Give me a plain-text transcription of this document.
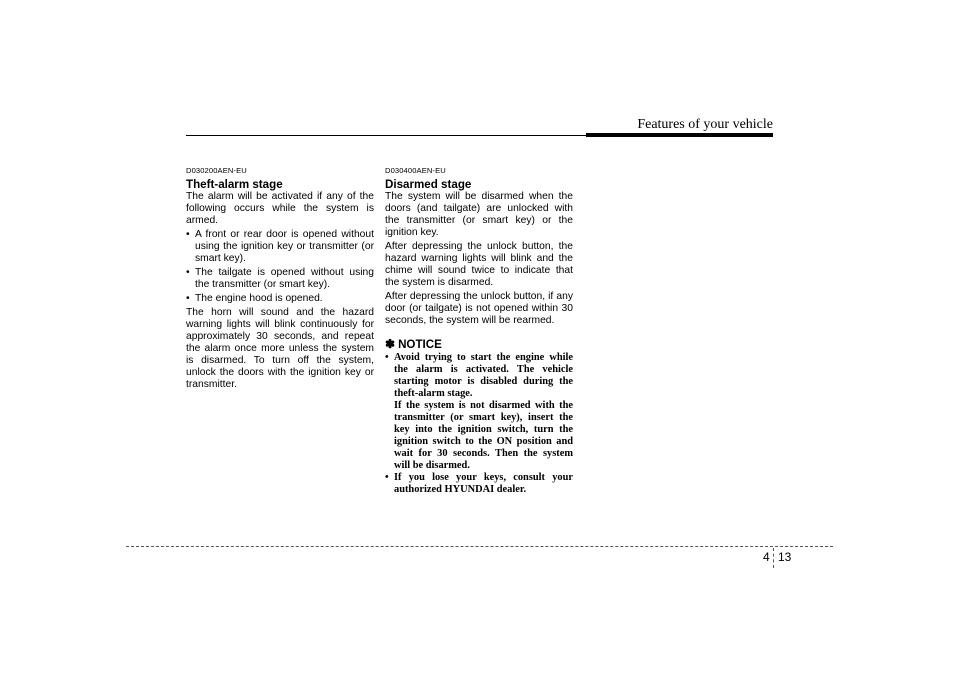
Features of your vehicle
D030200AEN-EU
Theft-alarm stage

The alarm will be activated if any of the following occurs while the system is armed.

• A front or rear door is opened without using the ignition key or transmitter (or smart key).
• The tailgate is opened without using the transmitter (or smart key).
• The engine hood is opened.

The horn will sound and the hazard warning lights will blink continuously for approximately 30 seconds, and repeat the alarm once more unless the system is disarmed. To turn off the system, unlock the doors with the ignition key or transmitter.

D030400AEN-EU
Disarmed stage

The system will be disarmed when the doors (and tailgate) are unlocked with the transmitter (or smart key) or the ignition key.

After depressing the unlock button, the hazard warning lights will blink and the chime will sound twice to indicate that the system is disarmed.

After depressing the unlock button, if any door (or tailgate) is not opened within 30 seconds, the system will be rearmed.

✽ NOTICE
• Avoid trying to start the engine while the alarm is activated. The vehicle starting motor is disabled during the theft-alarm stage.
If the system is not disarmed with the transmitter (or smart key), insert the key into the ignition switch, turn the ignition switch to the ON position and wait for 30 seconds. Then the system will be disarmed.
• If you lose your keys, consult your authorized HYUNDAI dealer.
4 13
